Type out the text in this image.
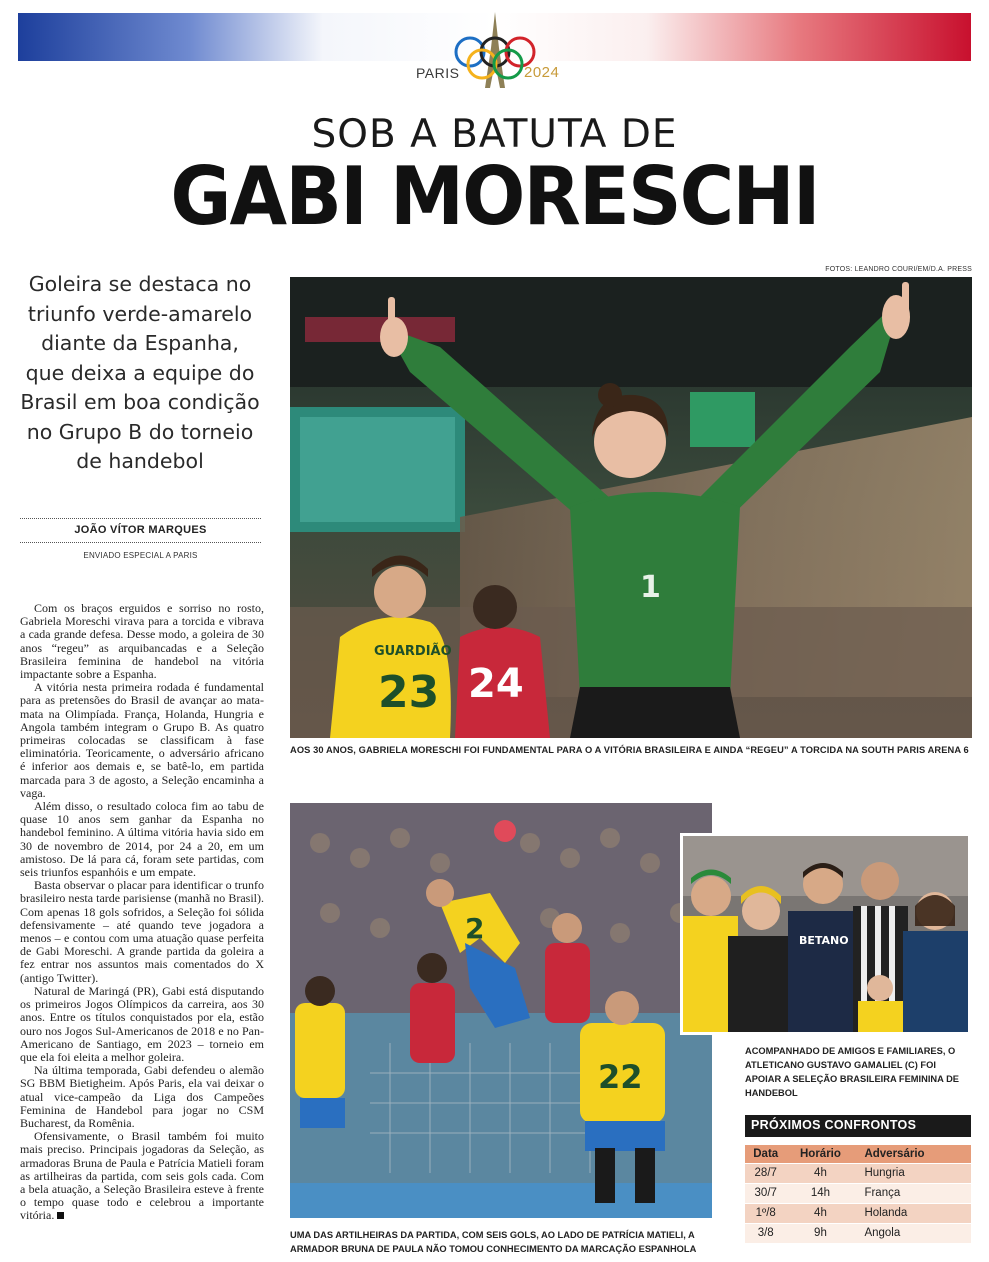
PARIS	2024
SOB A BATUTA DE
GABI MORESCHI
Goleira se destaca no triunfo verde-amarelo diante da Espanha, que deixa a equipe do Brasil em boa condição no Grupo B do torneio de handebol
JOÃO VÍTOR MARQUES
ENVIADO ESPECIAL A PARIS

Com os braços erguidos e sorriso no rosto, Gabriela Moreschi virava para a torcida e vibrava a cada grande defesa. Desse modo, a goleira de 30 anos “regeu” as arquibancadas e a Seleção Brasileira feminina de handebol na vitória impactante sobre a Espanha.

A vitória nesta primeira rodada é fundamental para as pretensões do Brasil de avançar ao mata-mata na Olimpíada. França, Holanda, Hungria e Angola também integram o Grupo B. As quatro primeiras colocadas se classificam à fase eliminatória. Teoricamente, o adversário africano é inferior aos demais e, se batê-lo, em partida marcada para 3 de agosto, a Seleção encaminha a vaga.

Além disso, o resultado coloca fim ao tabu de quase 10 anos sem ganhar da Espanha no handebol feminino. A última vitória havia sido em 30 de novembro de 2014, por 24 a 20, em um amistoso. De lá para cá, foram sete partidas, com seis triunfos espanhóis e um empate.

Basta observar o placar para identificar o trunfo brasileiro nesta tarde parisiense (manhã no Brasil). Com apenas 18 gols sofridos, a Seleção foi sólida defensivamente – até quando teve jogadora a menos – e contou com uma atuação quase perfeita de Gabi Moreschi. A grande partida da goleira a fez entrar nos assuntos mais comentados do X (antigo Twitter).

Natural de Maringá (PR), Gabi está disputando os primeiros Jogos Olímpicos da carreira, aos 30 anos. Entre os títulos conquistados por ela, estão ouro nos Jogos Sul-Americanos de 2018 e no Pan-Americano de Santiago, em 2023 – torneio em que ela foi eleita a melhor goleira.

Na última temporada, Gabi defendeu o alemão SG BBM Bietigheim. Após Paris, ela vai deixar o atual vice-campeão da Liga dos Campeões Feminina de Handebol para jogar no CSM Bucharest, da Romênia.

Ofensivamente, o Brasil também foi muito mais preciso. Principais jogadoras da Seleção, as armadoras Bruna de Paula e Patrícia Matieli foram as artilheiras da partida, com seis gols cada. Com a bela atuação, a Seleção Brasileira esteve à frente o tempo quase todo e celebrou a importante vitória.

FOTOS: LEANDRO COURI/EM/D.A. PRESS
23
GUARDIÃO
24
1
AOS 30 ANOS, GABRIELA MORESCHI FOI FUNDAMENTAL PARA O A VITÓRIA BRASILEIRA E AINDA “REGEU” A TORCIDA NA SOUTH PARIS ARENA 6
2
22
UMA DAS ARTILHEIRAS DA PARTIDA, COM SEIS GOLS, AO LADO DE PATRÍCIA MATIELI, A ARMADOR BRUNA DE PAULA NÃO TOMOU CONHECIMENTO DA MARCAÇÃO ESPANHOLA
BETANO
ACOMPANHADO DE AMIGOS E FAMILIARES, O ATLETICANO GUSTAVO GAMALIEL (C) FOI APOIAR A SELEÇÃO BRASILEIRA FEMININA DE HANDEBOL
PRÓXIMOS CONFRONTOS
Data	Horário	Adversário
28/7	4h	Hungria
30/7	14h	França
1º/8	4h	Holanda
3/8	9h	Angola
